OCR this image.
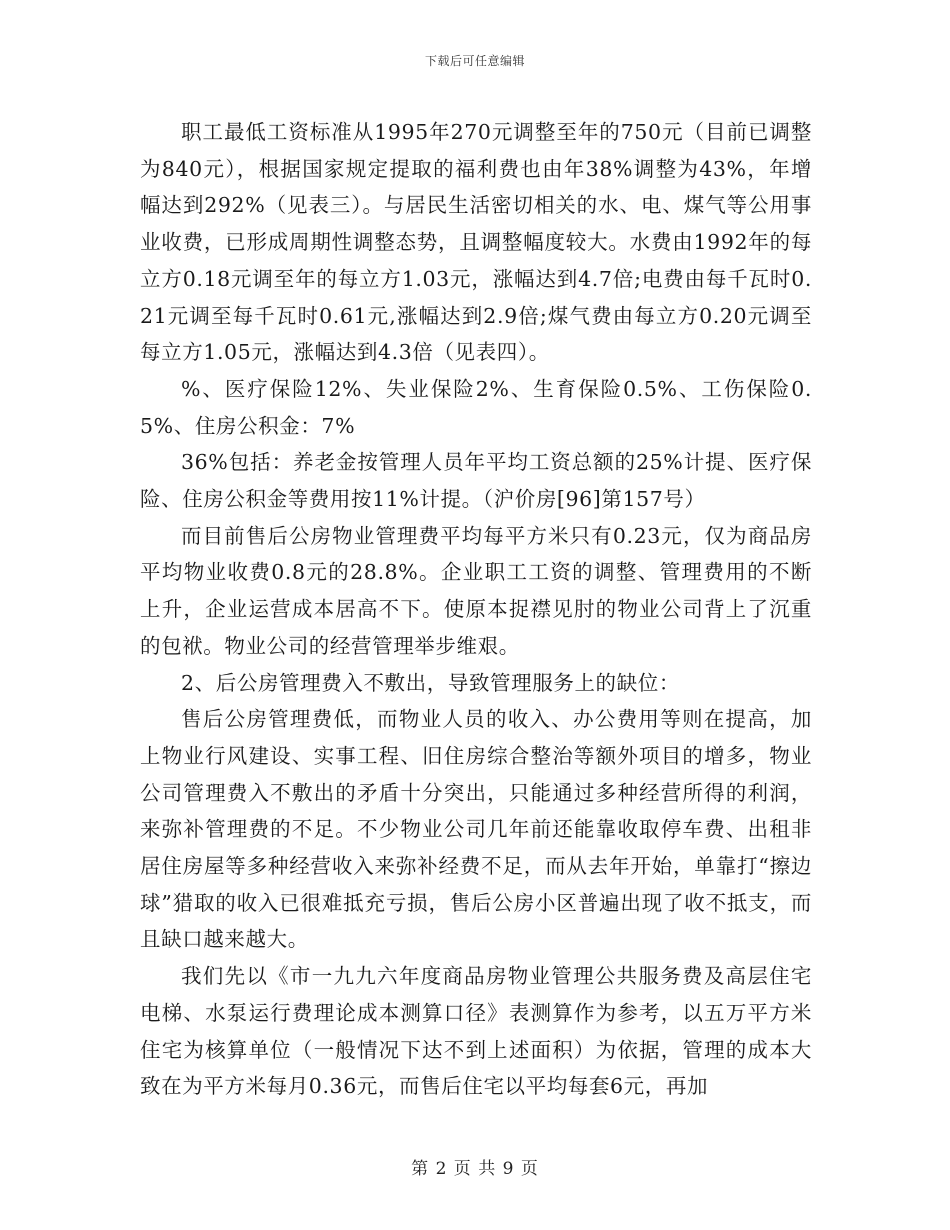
下载后可任意编辑

职工最低工资标准从1995年270元调整至年的750元（目前已调整为840元），根据国家规定提取的福利费也由年38%调整为43%，年增幅达到292%（见表三）。与居民生活密切相关的水、电、煤气等公用事业收费，已形成周期性调整态势，且调整幅度较大。水费由1992年的每立方0.18元调至年的每立方1.03元，涨幅达到4.7倍;电费由每千瓦时0.21元调至每千瓦时0.61元,涨幅达到2.9倍;煤气费由每立方0.20元调至每立方1.05元，涨幅达到4.3倍（见表四）。

%、医疗保险12%、失业保险2%、生育保险0.5%、工伤保险0.5%、住房公积金：7%

36%包括：养老金按管理人员年平均工资总额的25%计提、医疗保险、住房公积金等费用按11%计提。（沪价房[96]第157号）

而目前售后公房物业管理费平均每平方米只有0.23元，仅为商品房平均物业收费0.8元的28.8%。企业职工工资的调整、管理费用的不断上升，企业运营成本居高不下。使原本捉襟见肘的物业公司背上了沉重的包袱。物业公司的经营管理举步维艰。

2、后公房管理费入不敷出，导致管理服务上的缺位：

售后公房管理费低，而物业人员的收入、办公费用等则在提高，加上物业行风建设、实事工程、旧住房综合整治等额外项目的增多，物业公司管理费入不敷出的矛盾十分突出，只能通过多种经营所得的利润，来弥补管理费的不足。不少物业公司几年前还能靠收取停车费、出租非居住房屋等多种经营收入来弥补经费不足，而从去年开始，单靠打“擦边球”猎取的收入已很难抵充亏损，售后公房小区普遍出现了收不抵支，而且缺口越来越大。

我们先以《市一九九六年度商品房物业管理公共服务费及高层住宅电梯、水泵运行费理论成本测算口径》表测算作为参考，以五万平方米住宅为核算单位（一般情况下达不到上述面积）为依据，管理的成本大致在为平方米每月0.36元，而售后住宅以平均每套6元，再加

第 2 页 共 9 页
